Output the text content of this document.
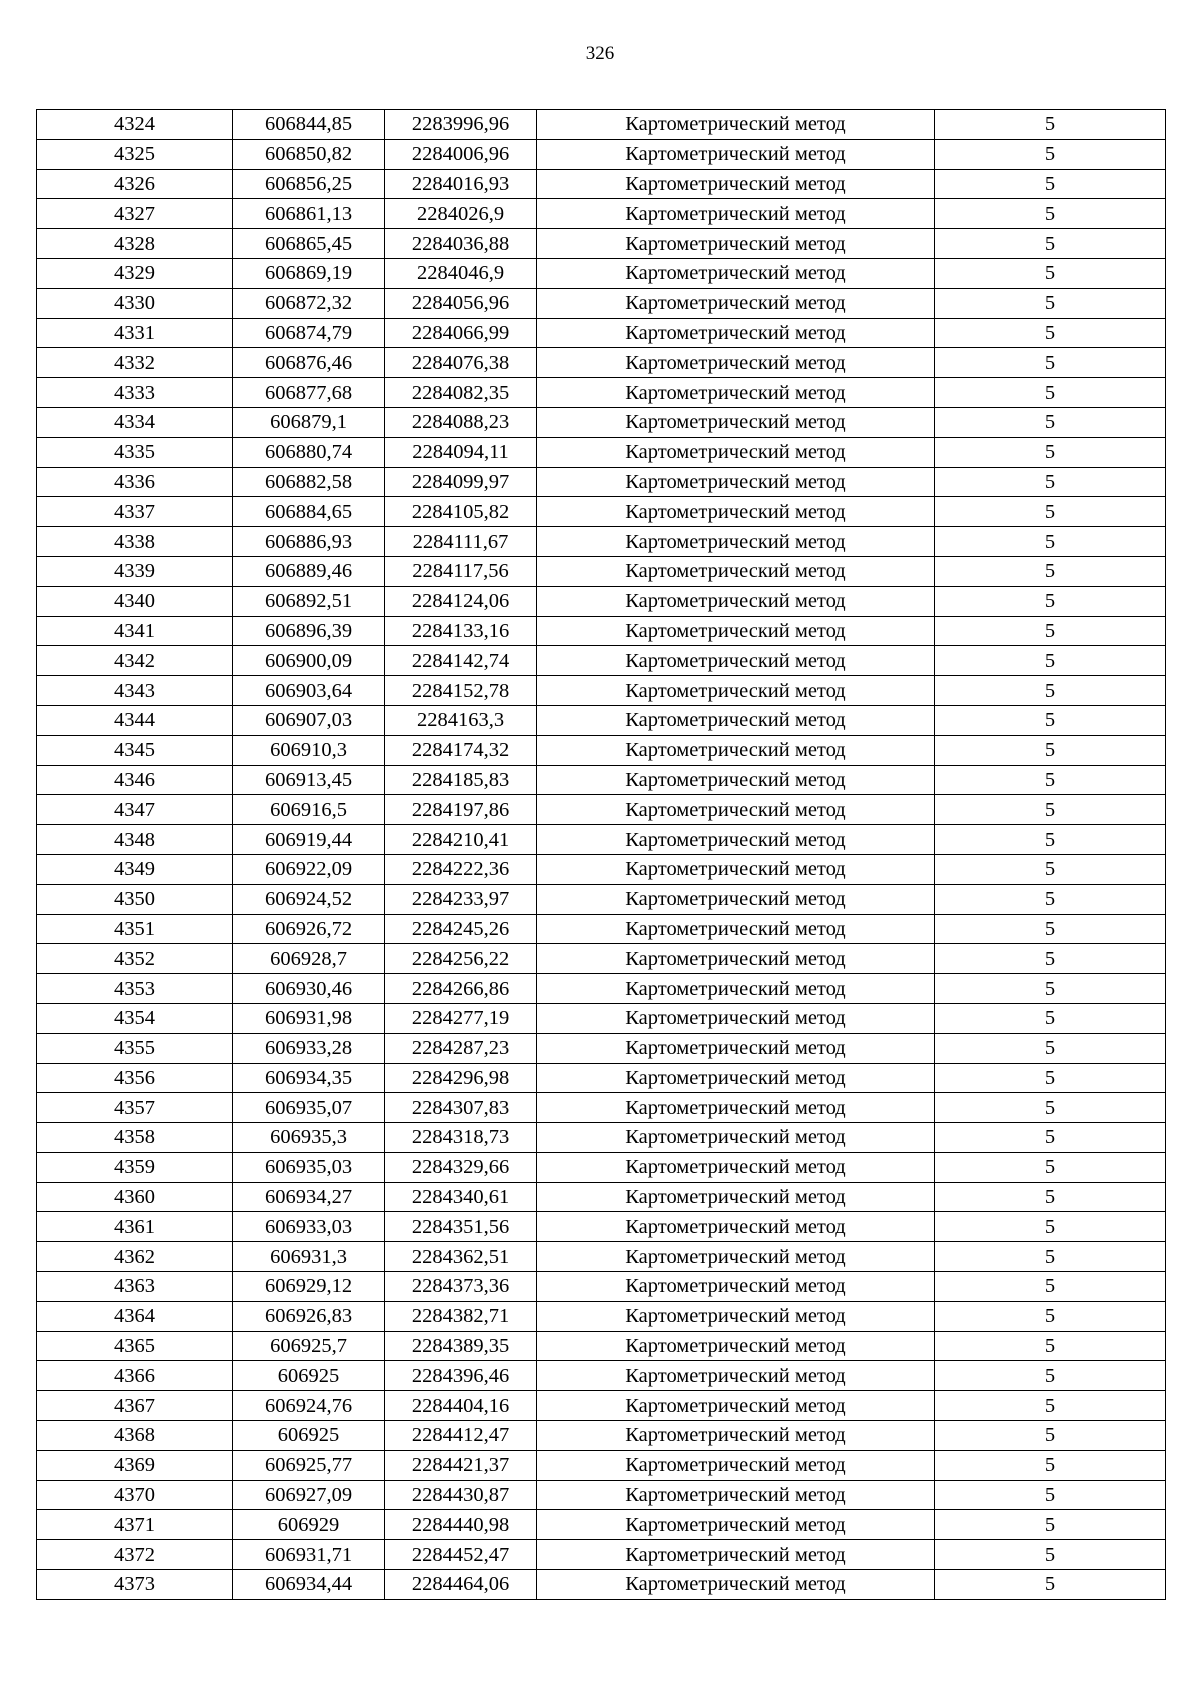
326
4324	606844,85	2283996,96	Картометрический метод	5
4325	606850,82	2284006,96	Картометрический метод	5
4326	606856,25	2284016,93	Картометрический метод	5
4327	606861,13	2284026,9	Картометрический метод	5
4328	606865,45	2284036,88	Картометрический метод	5
4329	606869,19	2284046,9	Картометрический метод	5
4330	606872,32	2284056,96	Картометрический метод	5
4331	606874,79	2284066,99	Картометрический метод	5
4332	606876,46	2284076,38	Картометрический метод	5
4333	606877,68	2284082,35	Картометрический метод	5
4334	606879,1	2284088,23	Картометрический метод	5
4335	606880,74	2284094,11	Картометрический метод	5
4336	606882,58	2284099,97	Картометрический метод	5
4337	606884,65	2284105,82	Картометрический метод	5
4338	606886,93	2284111,67	Картометрический метод	5
4339	606889,46	2284117,56	Картометрический метод	5
4340	606892,51	2284124,06	Картометрический метод	5
4341	606896,39	2284133,16	Картометрический метод	5
4342	606900,09	2284142,74	Картометрический метод	5
4343	606903,64	2284152,78	Картометрический метод	5
4344	606907,03	2284163,3	Картометрический метод	5
4345	606910,3	2284174,32	Картометрический метод	5
4346	606913,45	2284185,83	Картометрический метод	5
4347	606916,5	2284197,86	Картометрический метод	5
4348	606919,44	2284210,41	Картометрический метод	5
4349	606922,09	2284222,36	Картометрический метод	5
4350	606924,52	2284233,97	Картометрический метод	5
4351	606926,72	2284245,26	Картометрический метод	5
4352	606928,7	2284256,22	Картометрический метод	5
4353	606930,46	2284266,86	Картометрический метод	5
4354	606931,98	2284277,19	Картометрический метод	5
4355	606933,28	2284287,23	Картометрический метод	5
4356	606934,35	2284296,98	Картометрический метод	5
4357	606935,07	2284307,83	Картометрический метод	5
4358	606935,3	2284318,73	Картометрический метод	5
4359	606935,03	2284329,66	Картометрический метод	5
4360	606934,27	2284340,61	Картометрический метод	5
4361	606933,03	2284351,56	Картометрический метод	5
4362	606931,3	2284362,51	Картометрический метод	5
4363	606929,12	2284373,36	Картометрический метод	5
4364	606926,83	2284382,71	Картометрический метод	5
4365	606925,7	2284389,35	Картометрический метод	5
4366	606925	2284396,46	Картометрический метод	5
4367	606924,76	2284404,16	Картометрический метод	5
4368	606925	2284412,47	Картометрический метод	5
4369	606925,77	2284421,37	Картометрический метод	5
4370	606927,09	2284430,87	Картометрический метод	5
4371	606929	2284440,98	Картометрический метод	5
4372	606931,71	2284452,47	Картометрический метод	5
4373	606934,44	2284464,06	Картометрический метод	5
